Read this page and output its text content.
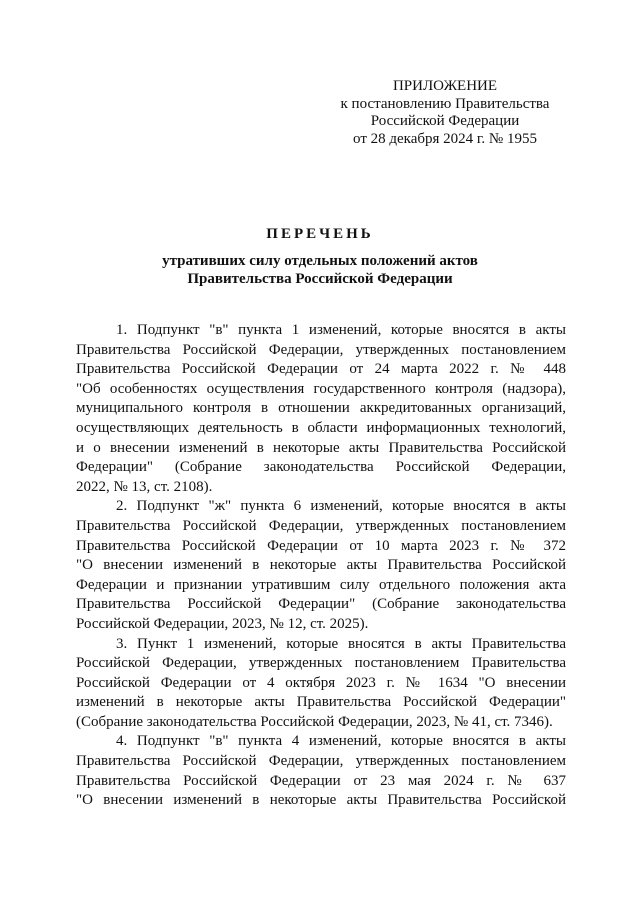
ПРИЛОЖЕНИЕ
к постановлению Правительства
Российской Федерации
от 28 декабря 2024 г. № 1955
ПЕРЕЧЕНЬ
утративших силу отдельных положений актов
Правительства Российской Федерации
1. Подпункт "в" пункта 1 изменений, которые вносятся в акты
Правительства Российской Федерации, утвержденных постановлением
Правительства Российской Федерации от 24 марта 2022 г. № 448
"Об особенностях осуществления государственного контроля (надзора),
муниципального контроля в отношении аккредитованных организаций,
осуществляющих деятельность в области информационных технологий,
и о внесении изменений в некоторые акты Правительства Российской
Федерации" (Собрание законодательства Российской Федерации,
2022, № 13, ст. 2108).
2. Подпункт "ж" пункта 6 изменений, которые вносятся в акты
Правительства Российской Федерации, утвержденных постановлением
Правительства Российской Федерации от 10 марта 2023 г. № 372
"О внесении изменений в некоторые акты Правительства Российской
Федерации и признании утратившим силу отдельного положения акта
Правительства Российской Федерации" (Собрание законодательства
Российской Федерации, 2023, № 12, ст. 2025).
3. Пункт 1 изменений, которые вносятся в акты Правительства
Российской Федерации, утвержденных постановлением Правительства
Российской Федерации от 4 октября 2023 г. № 1634 "О внесении
изменений в некоторые акты Правительства Российской Федерации"
(Собрание законодательства Российской Федерации, 2023, № 41, ст. 7346).
4. Подпункт "в" пункта 4 изменений, которые вносятся в акты
Правительства Российской Федерации, утвержденных постановлением
Правительства Российской Федерации от 23 мая 2024 г. № 637
"О внесении изменений в некоторые акты Правительства Российской
